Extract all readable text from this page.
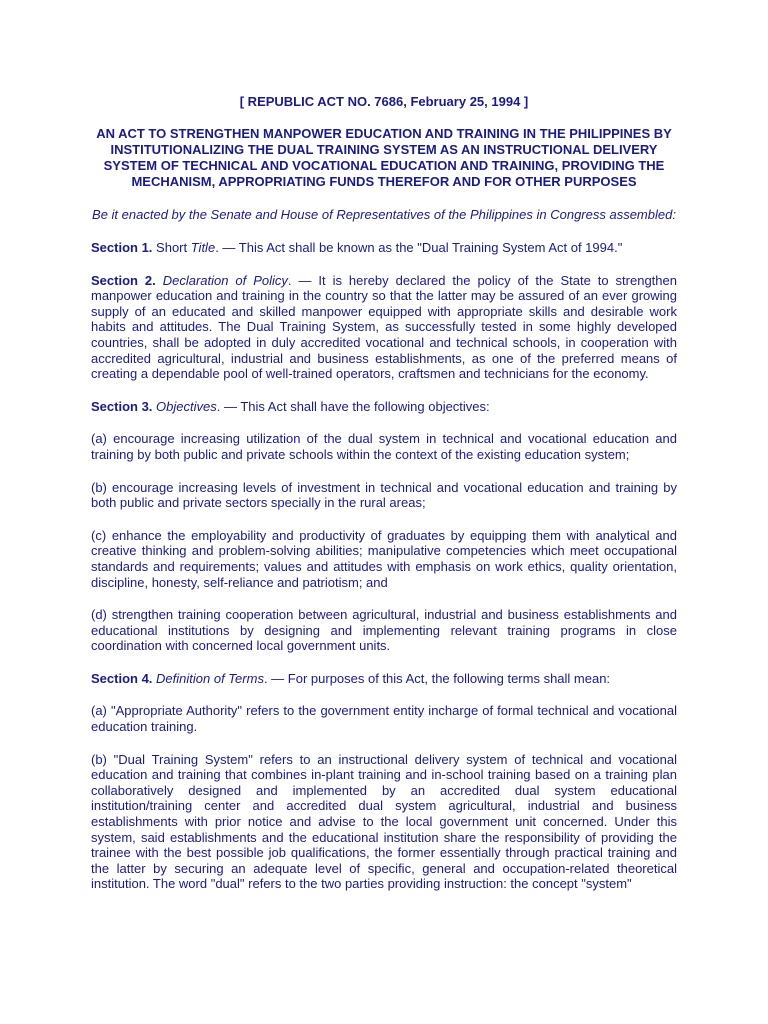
[ REPUBLIC ACT NO. 7686, February 25, 1994 ]
AN ACT TO STRENGTHEN MANPOWER EDUCATION AND TRAINING IN THE PHILIPPINES BY INSTITUTIONALIZING THE DUAL TRAINING SYSTEM AS AN INSTRUCTIONAL DELIVERY SYSTEM OF TECHNICAL AND VOCATIONAL EDUCATION AND TRAINING, PROVIDING THE MECHANISM, APPROPRIATING FUNDS THEREFOR AND FOR OTHER PURPOSES
Be it enacted by the Senate and House of Representatives of the Philippines in Congress assembled:

Section 1. Short Title. — This Act shall be known as the "Dual Training System Act of 1994."

Section 2. Declaration of Policy. — It is hereby declared the policy of the State to strengthen manpower education and training in the country so that the latter may be assured of an ever growing supply of an educated and skilled manpower equipped with appropriate skills and desirable work habits and attitudes. The Dual Training System, as successfully tested in some highly developed countries, shall be adopted in duly accredited vocational and technical schools, in cooperation with accredited agricultural, industrial and business establishments, as one of the preferred means of creating a dependable pool of well-trained operators, craftsmen and technicians for the economy.

Section 3. Objectives. — This Act shall have the following objectives:

(a) encourage increasing utilization of the dual system in technical and vocational education and training by both public and private schools within the context of the existing education system;

(b) encourage increasing levels of investment in technical and vocational education and training by both public and private sectors specially in the rural areas;

(c) enhance the employability and productivity of graduates by equipping them with analytical and creative thinking and problem-solving abilities; manipulative competencies which meet occupational standards and requirements; values and attitudes with emphasis on work ethics, quality orientation, discipline, honesty, self-reliance and patriotism; and

(d) strengthen training cooperation between agricultural, industrial and business establishments and educational institutions by designing and implementing relevant training programs in close coordination with concerned local government units.

Section 4. Definition of Terms. — For purposes of this Act, the following terms shall mean:

(a) "Appropriate Authority" refers to the government entity incharge of formal technical and vocational education training.

(b) "Dual Training System" refers to an instructional delivery system of technical and vocational education and training that combines in-plant training and in-school training based on a training plan collaboratively designed and implemented by an accredited dual system educational institution/training center and accredited dual system agricultural, industrial and business establishments with prior notice and advise to the local government unit concerned. Under this system, said establishments and the educational institution share the responsibility of providing the trainee with the best possible job qualifications, the former essentially through practical training and the latter by securing an adequate level of specific, general and occupation-related theoretical institution. The word "dual" refers to the two parties providing instruction: the concept "system"
